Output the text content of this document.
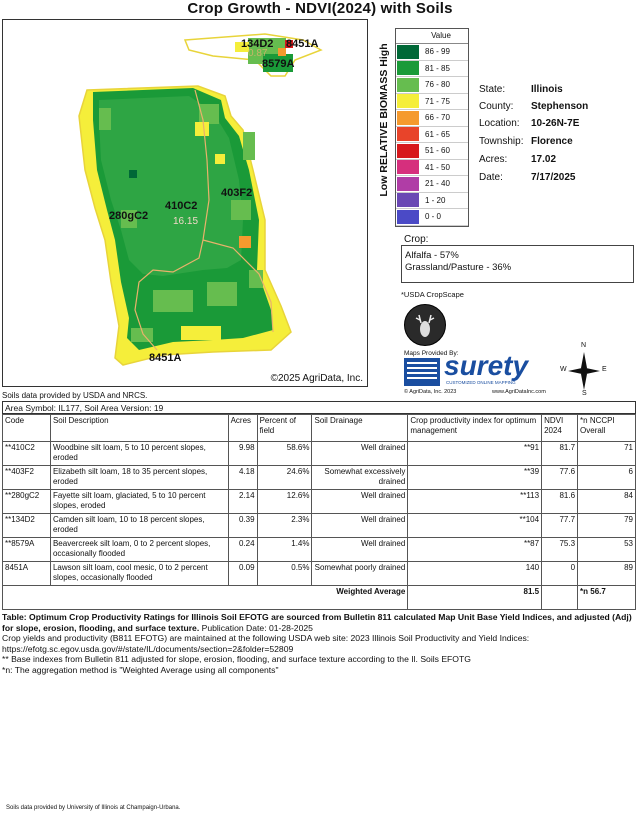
Crop Growth - NDVI(2024) with Soils
134D2 8451A
8579A
0.87
410C2
16.15
403F2
280gC2
8451A
©2025 AgriData, Inc.
Low RELATIVE BIOMASS High
Value
86 - 99
81 - 85
76 - 80
71 - 75
66 - 70
61 - 65
51 - 60
41 - 50
21 - 40
1 - 20
0 - 0
State:	Illinois
County: Stephenson
Location: 10-26N-7E
Township: Florence
Acres: 17.02
Date:	7/17/2025
Crop:
Alfalfa - 57%
Grassland/Pasture - 36%
*USDA CropScape
Maps Provided By:
surety
CUSTOMIZED ONLINE MAPPING
© AgriData, Inc. 2023	www.AgriDataInc.com
N
S
W	E
Soils data provided by USDA and NRCS.
Area Symbol: IL177, Soil Area Version: 19
Code	Soil Description	Acres	Percent of field	Soil Drainage	Crop productivity index for optimum management	NDVI 2024	*n NCCPI Overall
**410C2	Woodbine silt loam, 5 to 10 percent slopes, eroded	9.98	58.6%	Well drained	**91	81.7	71
**403F2	Elizabeth silt loam, 18 to 35 percent slopes, eroded	4.18	24.6%	Somewhat excessively drained	**39	77.6	6
**280gC2	Fayette silt loam, glaciated, 5 to 10 percent slopes, eroded	2.14	12.6%	Well drained	**113	81.6	84
**134D2	Camden silt loam, 10 to 18 percent slopes, eroded	0.39	2.3%	Well drained	**104	77.7	79
**8579A	Beavercreek silt loam, 0 to 2 percent slopes, occasionally flooded	0.24	1.4%	Well drained	**87	75.3	53
8451A	Lawson silt loam, cool mesic, 0 to 2 percent slopes, occasionally flooded	0.09	0.5%	Somewhat poorly drained	140	0	89
Weighted Average					81.5		*n 56.7
Table: Optimum Crop Productivity Ratings for Illinois Soil EFOTG are sourced from Bulletin 811 calculated Map Unit Base Yield Indices, and adjusted (Adj) for slope, erosion, flooding, and surface texture. Publication Date: 01-28-2025
Crop yields and productivity (B811 EFOTG) are maintained at the following USDA web site: 2023 Illinois Soil Productivity and Yield Indices:
https://efotg.sc.egov.usda.gov/#/state/IL/documents/section=2&folder=52809
** Base indexes from Bulletin 811 adjusted for slope, erosion, flooding, and surface texture according to the Il. Soils EFOTG
*n: The aggregation method is "Weighted Average using all components"
Soils data provided by University of Illinois at Champaign-Urbana.
